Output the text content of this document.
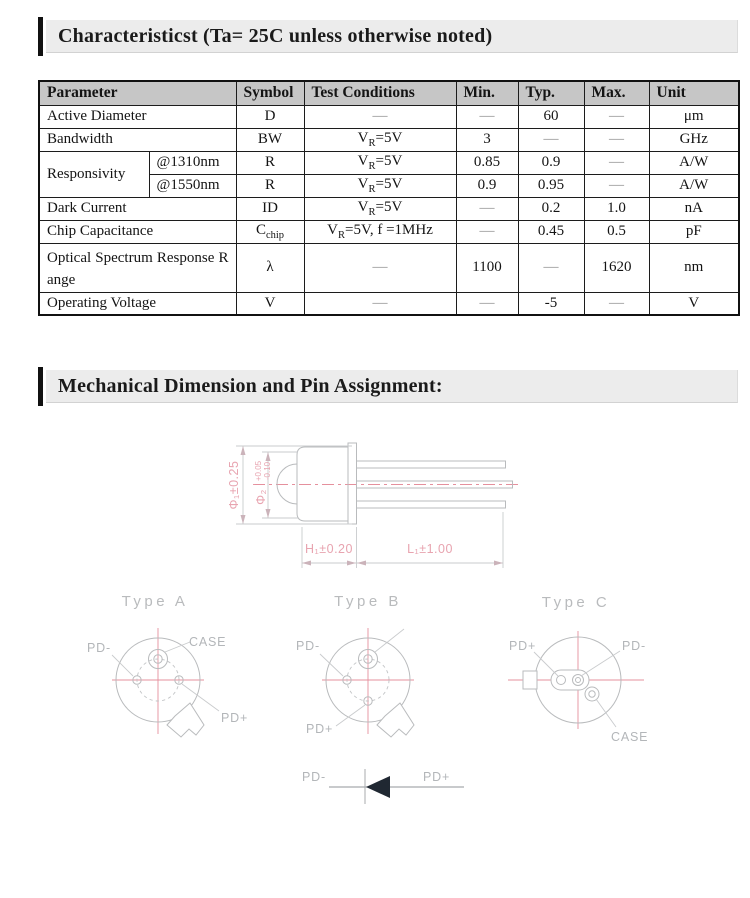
Characteristicst (Ta= 25C unless otherwise noted)
Parameter		Symbol	Test Conditions	Min.	Typ.	Max.	Unit
Active Diameter		D	—	—	60	—	μm
Bandwidth		BW	$V_R=5V$	3	—	—	GHz
Responsivity	@1310nm	R	$V_R=5V$	0.85	0.9	—	A/W
	@1550nm	R	$V_R=5V$	0.9	0.95	—	A/W
Dark Current		ID	$V_R=5V$	—	0.2	1.0	nA
Chip Capacitance		$C_{chip}$	$V_R=5V$, f =1MHz	—	0.45	0.5	pF
Optical Spectrum Response Range		λ	—	1100	—	1620	nm
Operating Voltage		V	—	—	-5	—	V
Mechanical Dimension and Pin Assignment:
Φ₁±0.25 Φ₂
+0.05 -0.10
H₁±0.20	L₁±1.00
Type A
PD-	CASE
PD+
Type B
PD-
PD+
Type C
PD+	PD-
CASE
PD-	PD+
